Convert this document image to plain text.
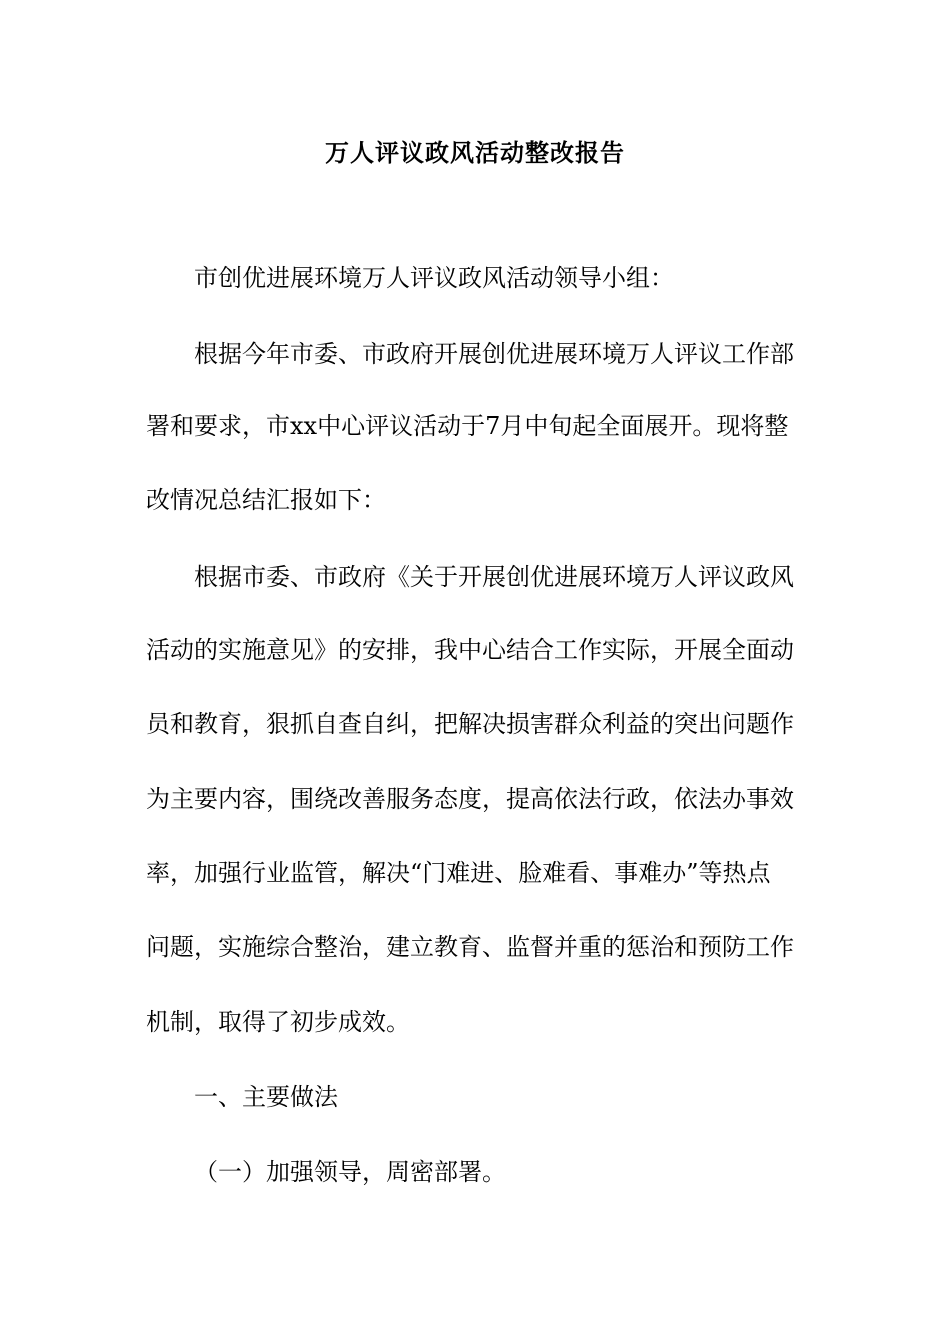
万人评议政风活动整改报告
市创优进展环境万人评议政风活动领导小组：
根据今年市委、市政府开展创优进展环境万人评议工作部
署和要求，市xx中心评议活动于7月中旬起全面展开。现将整
改情况总结汇报如下：
根据市委、市政府《关于开展创优进展环境万人评议政风
活动的实施意见》的安排，我中心结合工作实际，开展全面动
员和教育，狠抓自查自纠，把解决损害群众利益的突出问题作
为主要内容，围绕改善服务态度，提高依法行政，依法办事效
率，加强行业监管，解决“门难进、脸难看、事难办”等热点
问题，实施综合整治，建立教育、监督并重的惩治和预防工作
机制，取得了初步成效。
一、主要做法
（一）加强领导，周密部署。
